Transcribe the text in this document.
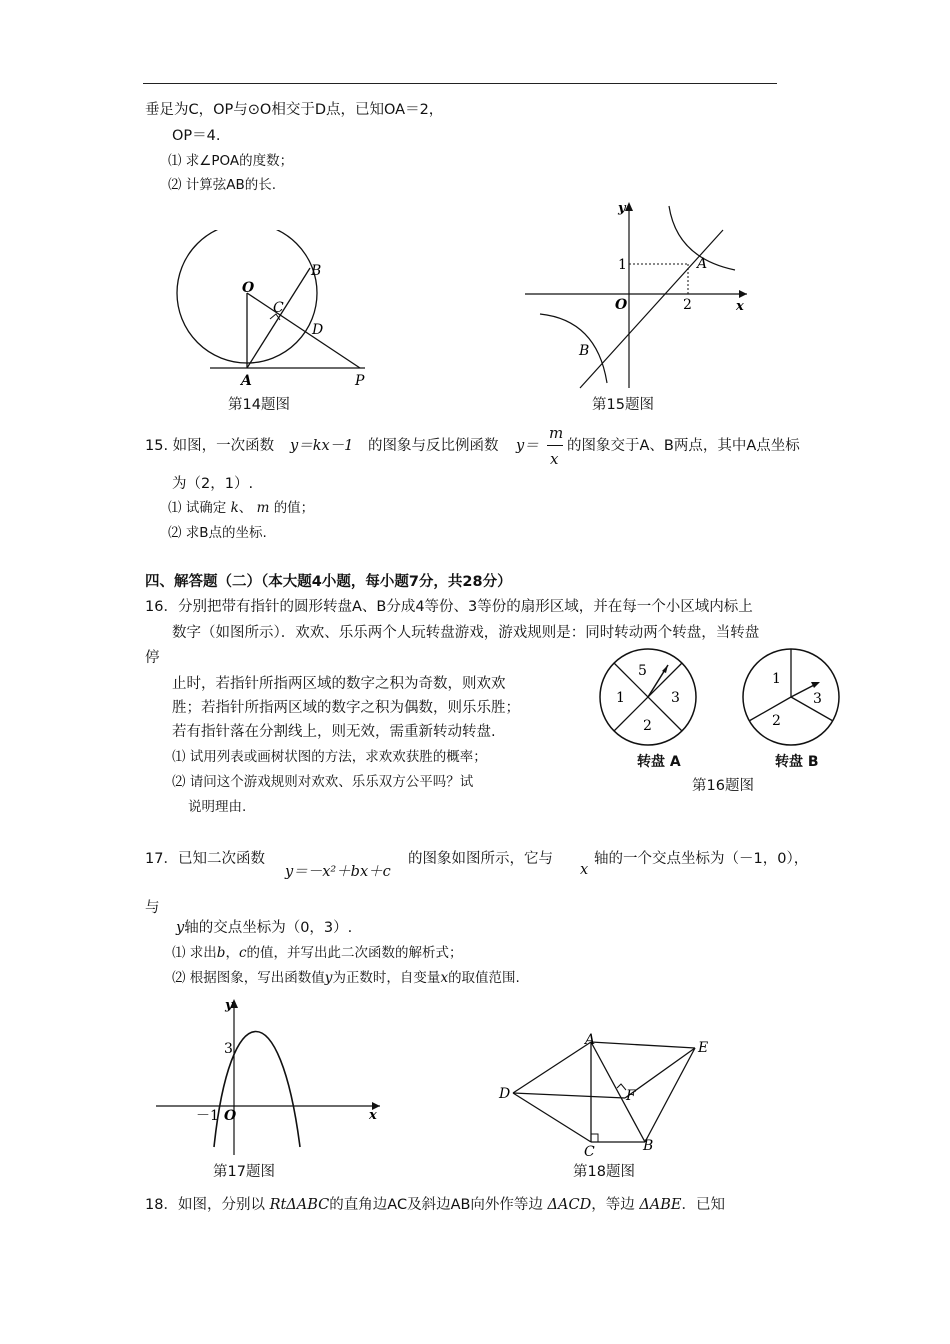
垂足为C，OP与⊙O相交于D点，已知OA＝2，
OP＝4.
⑴ 求∠POA的度数；
⑵ 计算弦AB的长.
O
B
C
D
A	P
第14题图
y
x
O
A
B
1
2
第15题图
15. 如图，一次函数 y＝kx－1 的图象与反比例函数 y＝
m
x
的图象交于A、B两点，其中A点坐标
为（2，1）.
⑴ 试确定 k、 m 的值；
⑵ 求B点的坐标.
四、解答题（二）（本大题4小题，每小题7分，共28分）
16．分别把带有指针的圆形转盘A、B分成4等份、3等份的扇形区域，并在每一个小区域内标上
数字（如图所示）．欢欢、乐乐两个人玩转盘游戏，游戏规则是：同时转动两个转盘，当转盘
停
止时，若指针所指两区域的数字之积为奇数，则欢欢
胜；若指针所指两区域的数字之积为偶数，则乐乐胜；
若有指针落在分割线上，则无效，需重新转动转盘.
⑴ 试用列表或画树状图的方法，求欢欢获胜的概率；
⑵ 请问这个游戏规则对欢欢、乐乐双方公平吗？试
说明理由.
5
1	3
2
1
3
2
转盘 A	转盘 B
第16题图
17．已知二次函数
y＝－x²＋bx＋c
的图象如图所示，它与
x
轴的一个交点坐标为（－1，0），
与
y轴的交点坐标为（0，3）.
⑴ 求出b，c的值，并写出此二次函数的解析式；
⑵ 根据图象，写出函数值y为正数时，自变量x的取值范围.
y
x
3
－1 O
第17题图
A	E
D	F
C	B
第18题图
18．如图，分别以 RtΔABC的直角边AC及斜边AB向外作等边 ΔACD，等边 ΔABE．已知
